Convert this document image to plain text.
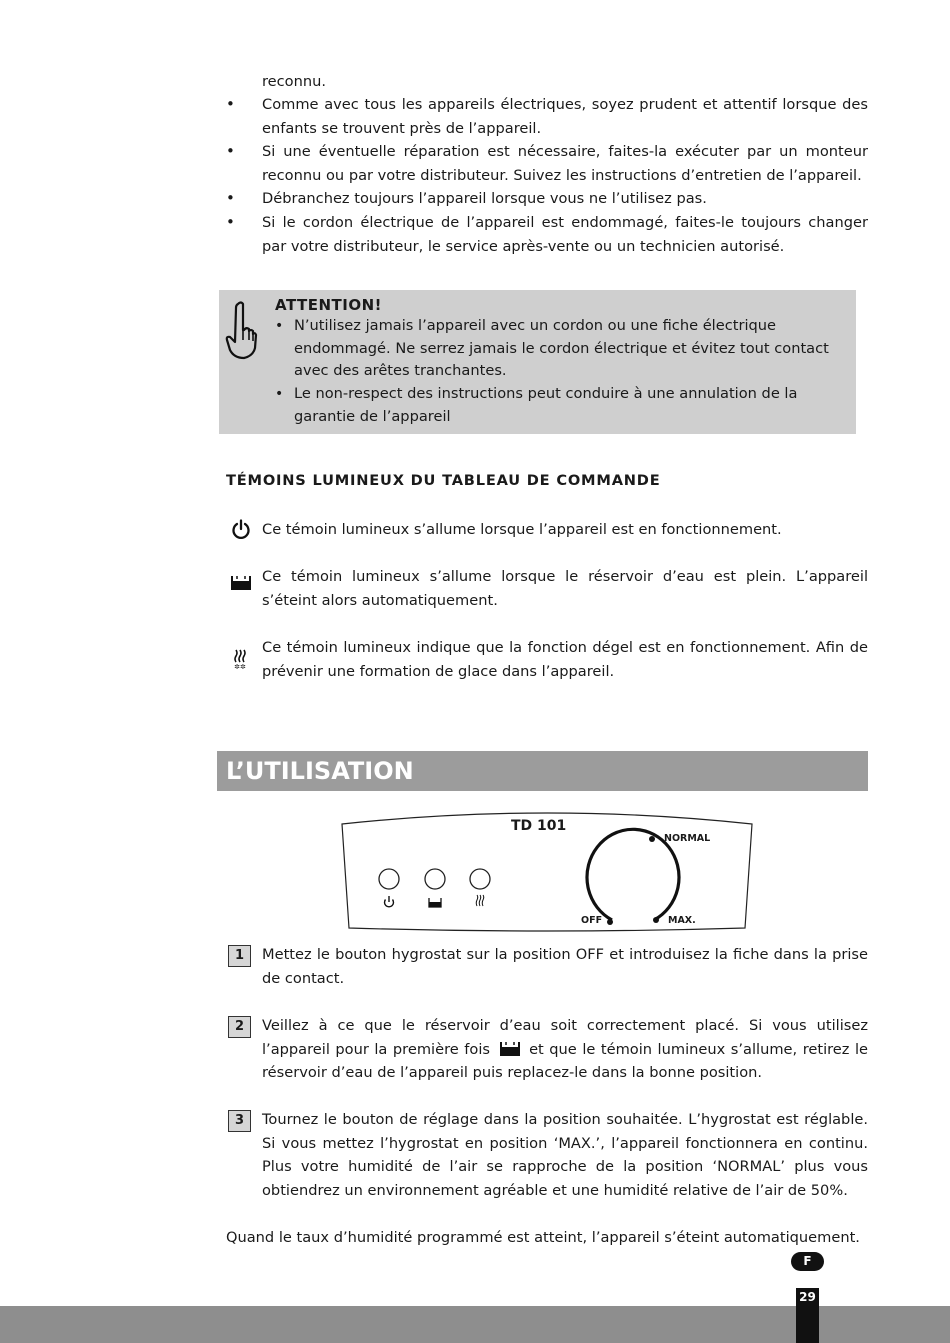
reconnu.
• Comme avec tous les appareils électriques, soyez prudent et attentif lorsque des enfants se trouvent près de l’appareil.
• Si une éventuelle réparation est nécessaire, faites-la exécuter par un monteur reconnu ou par votre distributeur. Suivez les instructions d’entretien de l’appareil.
• Débranchez toujours l’appareil lorsque vous ne l’utilisez pas.
• Si le cordon électrique de l’appareil est endommagé, faites-le toujours changer par votre distributeur, le service après-vente ou un technicien autorisé.
ATTENTION!
• N’utilisez jamais l’appareil avec un cordon ou une fiche électrique endommagé. Ne serrez jamais le cordon électrique et évitez tout contact avec des arêtes tranchantes.
• Le non-respect des instructions peut conduire à une annulation de la garantie de l’appareil
TÉMOINS LUMINEUX DU TABLEAU DE COMMANDE
Ce témoin lumineux s’allume lorsque l’appareil est en fonctionnement.
Ce témoin lumineux s’allume lorsque le réservoir d’eau est plein. L’appareil s’éteint alors automatiquement.
✲✲
Ce témoin lumineux indique que la fonction dégel est en fonctionnement. Afin de prévenir une formation de glace dans l’appareil.
L’UTILISATION
TD 101
NORMAL
OFF	MAX.
1	Mettez le bouton hygrostat sur la position OFF et introduisez la fiche dans la prise de contact.
2	Veillez à ce que le réservoir d’eau soit correctement placé. Si vous utilisez l’appareil pour la première fois	et que le témoin lumineux s’allume, retirez le réservoir d’eau de l’appareil puis replacez-le dans la bonne position.
3	Tournez le bouton de réglage dans la position souhaitée. L’hygrostat est réglable. Si vous mettez l’hygrostat en position ‘MAX.’, l’appareil fonctionnera en continu. Plus votre humidité de l’air se rapproche de la position ‘NORMAL’ plus vous obtiendrez un environnement agréable et une humidité relative de l’air de 50%.
Quand le taux d’humidité programmé est atteint, l’appareil s’éteint automatiquement.
F
29
